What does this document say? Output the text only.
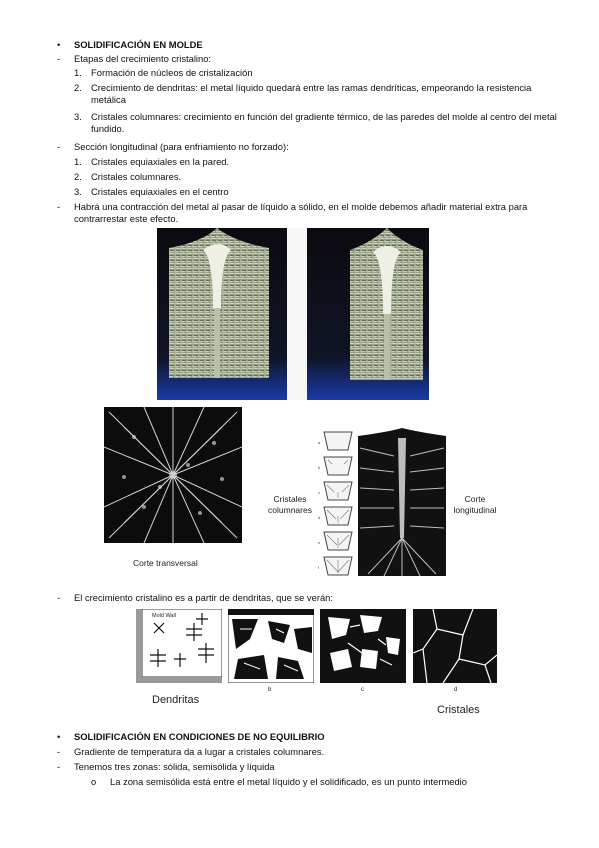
• SOLIDIFICACIÓN EN MOLDE
- Etapas del crecimiento cristalino:
1. Formación de núcleos de cristalización
2. Crecimiento de dendritas: el metal líquido quedará entre las ramas dendríticas, empeorando la resistencia metálica
3. Cristales columnares: crecimiento en función del gradiente térmico, de las paredes del molde al centro del metal fundido.
- Sección longitudinal (para enfriamiento no forzado):
1. Cristales equiaxiales en la pared.
2. Cristales columnares.
3. Cristales equiaxiales en el centro
- Habrá una contracción del metal al pasar de líquido a sólido, en el molde debemos añadir material extra para contrarrestar este efecto.
Corte transversal
Cristales columnares
a
b
c
d
e
f
Corte longitudinal
- El crecimiento cristalino es a partir de dendritas, que se verán:
Mold Wall
b	c	d
Dendritas
Cristales
• SOLIDIFICACIÓN EN CONDICIONES DE NO EQUILIBRIO
- Gradiente de temperatura da a lugar a cristales columnares.
- Tenemos tres zonas: sólida, semisólida y líquida
o La zona semisólida está entre el metal líquido y el solidificado, es un punto intermedio
